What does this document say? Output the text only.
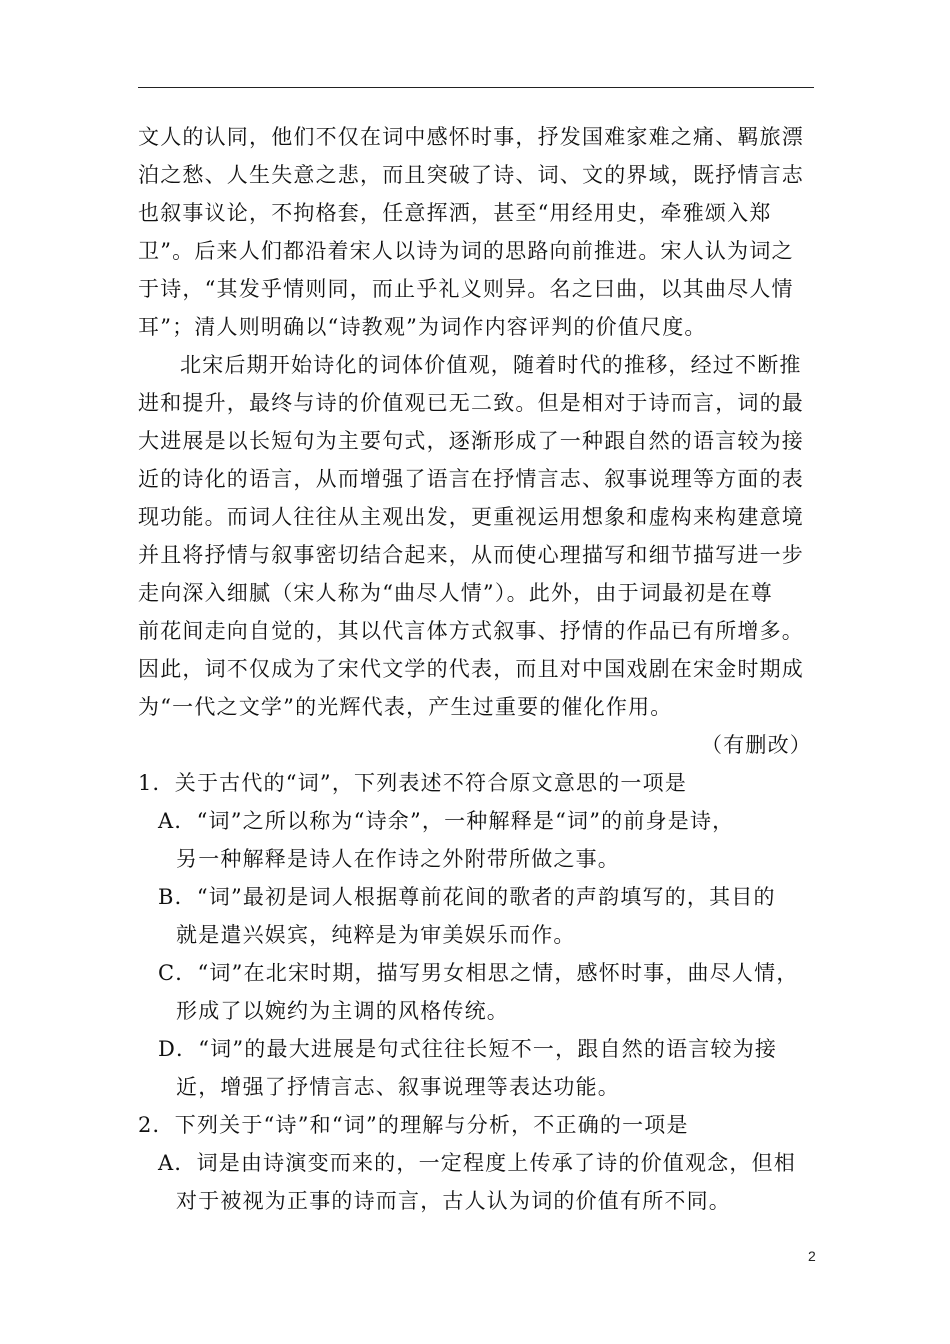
文人的认同，他们不仅在词中感怀时事，抒发国难家难之痛、羁旅漂
泊之愁、人生失意之悲，而且突破了诗、词、文的界域，既抒情言志
也叙事议论，不拘格套，任意挥洒，甚至“用经用史，牵雅颂入郑
卫”。后来人们都沿着宋人以诗为词的思路向前推进。宋人认为词之
于诗，“其发乎情则同，而止乎礼义则异。名之曰曲，以其曲尽人情
耳”；清人则明确以“诗教观”为词作内容评判的价值尺度。
北宋后期开始诗化的词体价值观，随着时代的推移，经过不断推
进和提升，最终与诗的价值观已无二致。但是相对于诗而言，词的最
大进展是以长短句为主要句式，逐渐形成了一种跟自然的语言较为接
近的诗化的语言，从而增强了语言在抒情言志、叙事说理等方面的表
现功能。而词人往往从主观出发，更重视运用想象和虚构来构建意境
并且将抒情与叙事密切结合起来，从而使心理描写和细节描写进一步
走向深入细腻（宋人称为“曲尽人情”）。此外，由于词最初是在尊
前花间走向自觉的，其以代言体方式叙事、抒情的作品已有所增多。
因此，词不仅成为了宋代文学的代表，而且对中国戏剧在宋金时期成
为“一代之文学”的光辉代表，产生过重要的催化作用。
（有删改）
1．关于古代的“词”，下列表述不符合原文意思的一项是
A．“词”之所以称为“诗余”，一种解释是“词”的前身是诗，
另一种解释是诗人在作诗之外附带所做之事。
B．“词”最初是词人根据尊前花间的歌者的声韵填写的，其目的
就是遣兴娱宾，纯粹是为审美娱乐而作。
C．“词”在北宋时期，描写男女相思之情，感怀时事，曲尽人情，
形成了以婉约为主调的风格传统。
D．“词”的最大进展是句式往往长短不一，跟自然的语言较为接
近，增强了抒情言志、叙事说理等表达功能。
2．下列关于“诗”和“词”的理解与分析，不正确的一项是
A．词是由诗演变而来的，一定程度上传承了诗的价值观念，但相
对于被视为正事的诗而言，古人认为词的价值有所不同。
2
